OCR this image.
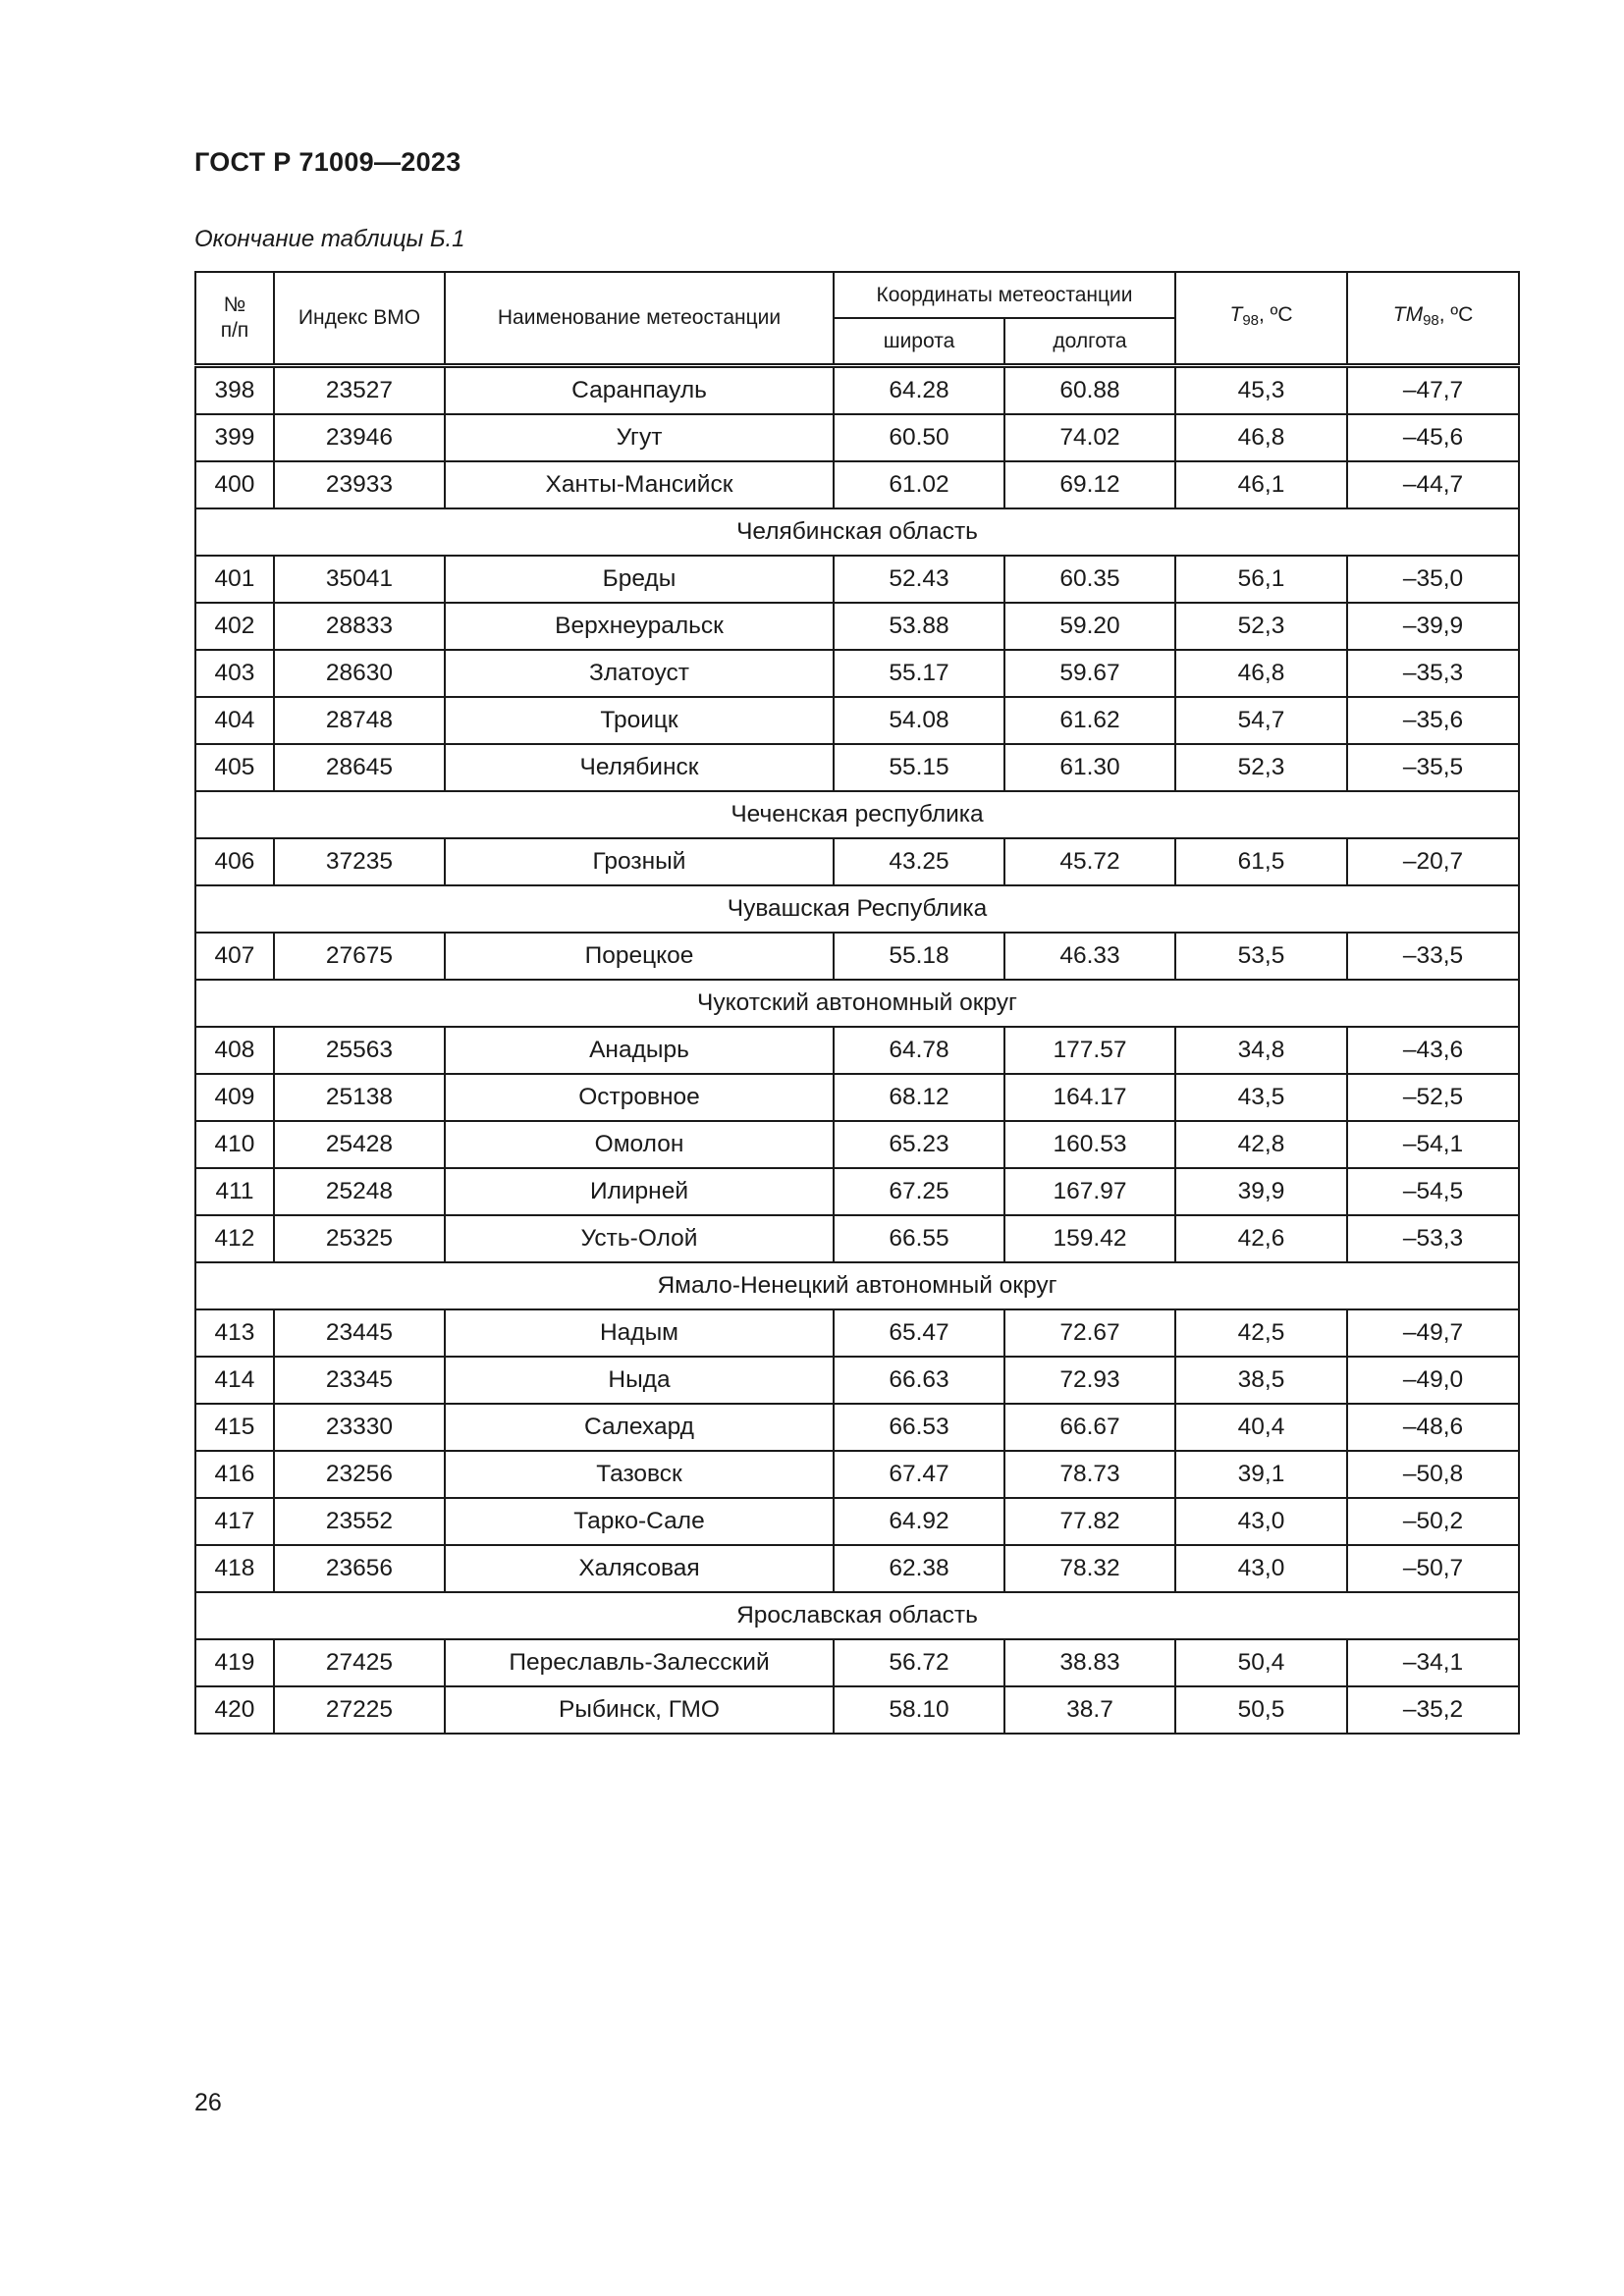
ГОСТ Р 71009—2023
Окончание таблицы Б.1
№
п/п	Индекс ВМО	Наименование метеостанции	Координаты метеостанции		$T_{98}$, ºС	$TM_{98}$, ºС
			широта	долгота		
398	23527	Саранпауль	64.28	60.88	45,3	–47,7
399	23946	Угут	60.50	74.02	46,8	–45,6
400	23933	Ханты-Мансийск	61.02	69.12	46,1	–44,7
Челябинская область						
401	35041	Бреды	52.43	60.35	56,1	–35,0
402	28833	Верхнеуральск	53.88	59.20	52,3	–39,9
403	28630	Златоуст	55.17	59.67	46,8	–35,3
404	28748	Троицк	54.08	61.62	54,7	–35,6
405	28645	Челябинск	55.15	61.30	52,3	–35,5
Чеченская республика						
406	37235	Грозный	43.25	45.72	61,5	–20,7
Чувашская Республика						
407	27675	Порецкое	55.18	46.33	53,5	–33,5
Чукотский автономный округ						
408	25563	Анадырь	64.78	177.57	34,8	–43,6
409	25138	Островное	68.12	164.17	43,5	–52,5
410	25428	Омолон	65.23	160.53	42,8	–54,1
411	25248	Илирней	67.25	167.97	39,9	–54,5
412	25325	Усть-Олой	66.55	159.42	42,6	–53,3
Ямало-Ненецкий автономный округ						
413	23445	Надым	65.47	72.67	42,5	–49,7
414	23345	Ныда	66.63	72.93	38,5	–49,0
415	23330	Салехард	66.53	66.67	40,4	–48,6
416	23256	Тазовск	67.47	78.73	39,1	–50,8
417	23552	Тарко-Сале	64.92	77.82	43,0	–50,2
418	23656	Халясовая	62.38	78.32	43,0	–50,7
Ярославская область						
419	27425	Переславль-Залесский	56.72	38.83	50,4	–34,1
420	27225	Рыбинск, ГМО	58.10	38.7	50,5	–35,2
26
